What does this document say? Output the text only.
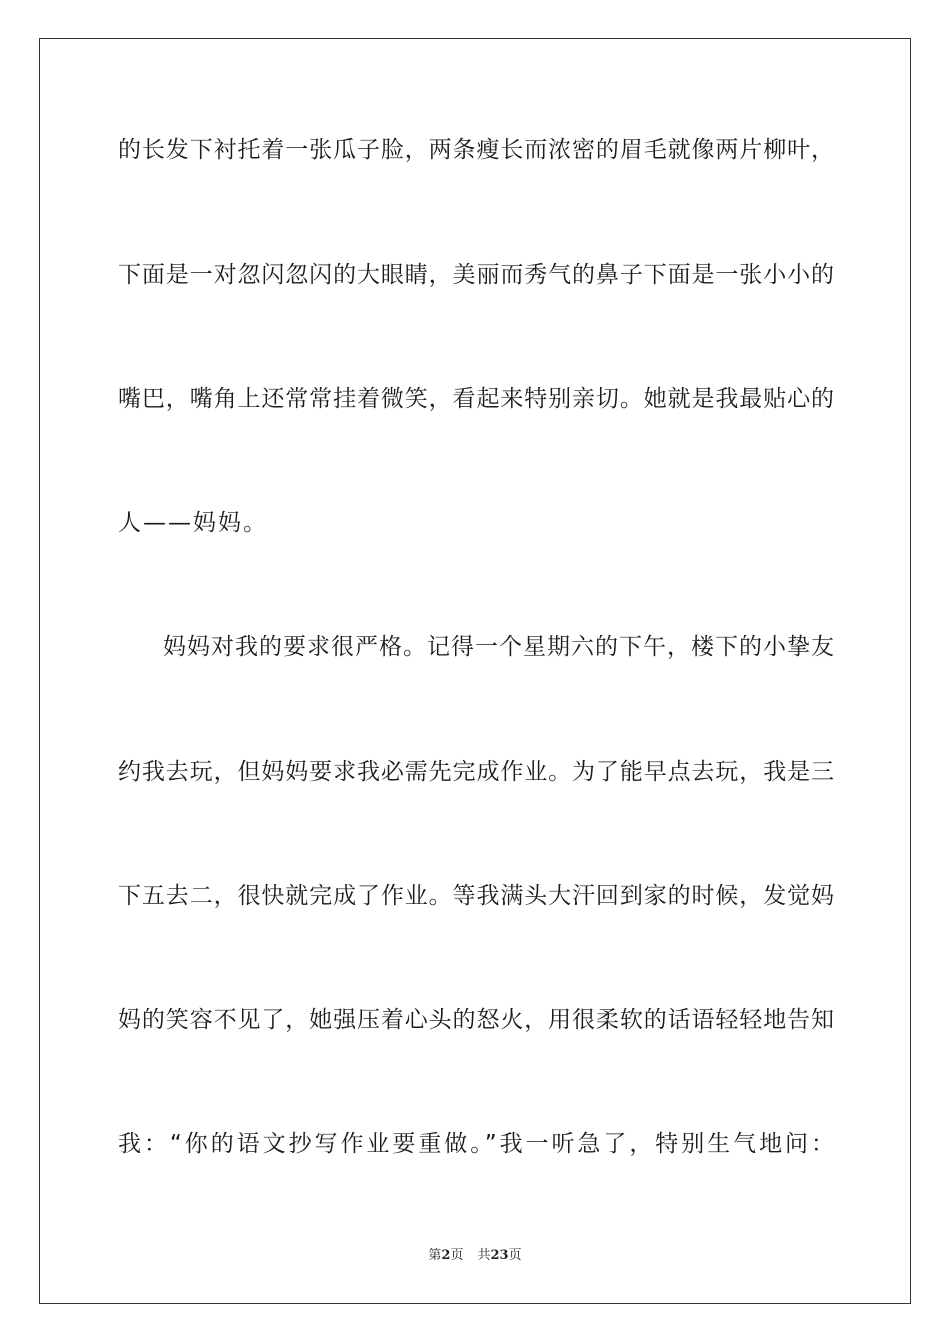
的长发下衬托着一张瓜子脸，两条瘦长而浓密的眉毛就像两片柳叶，
下面是一对忽闪忽闪的大眼睛，美丽而秀气的鼻子下面是一张小小的
嘴巴，嘴角上还常常挂着微笑，看起来特别亲切。她就是我最贴心的
人——妈妈。
妈妈对我的要求很严格。记得一个星期六的下午，楼下的小挚友
约我去玩，但妈妈要求我必需先完成作业。为了能早点去玩，我是三
下五去二，很快就完成了作业。等我满头大汗回到家的时候，发觉妈
妈的笑容不见了，她强压着心头的怒火，用很柔软的话语轻轻地告知
我：“你的语文抄写作业要重做。”我一听急了，特别生气地问：
第2页 共23页
